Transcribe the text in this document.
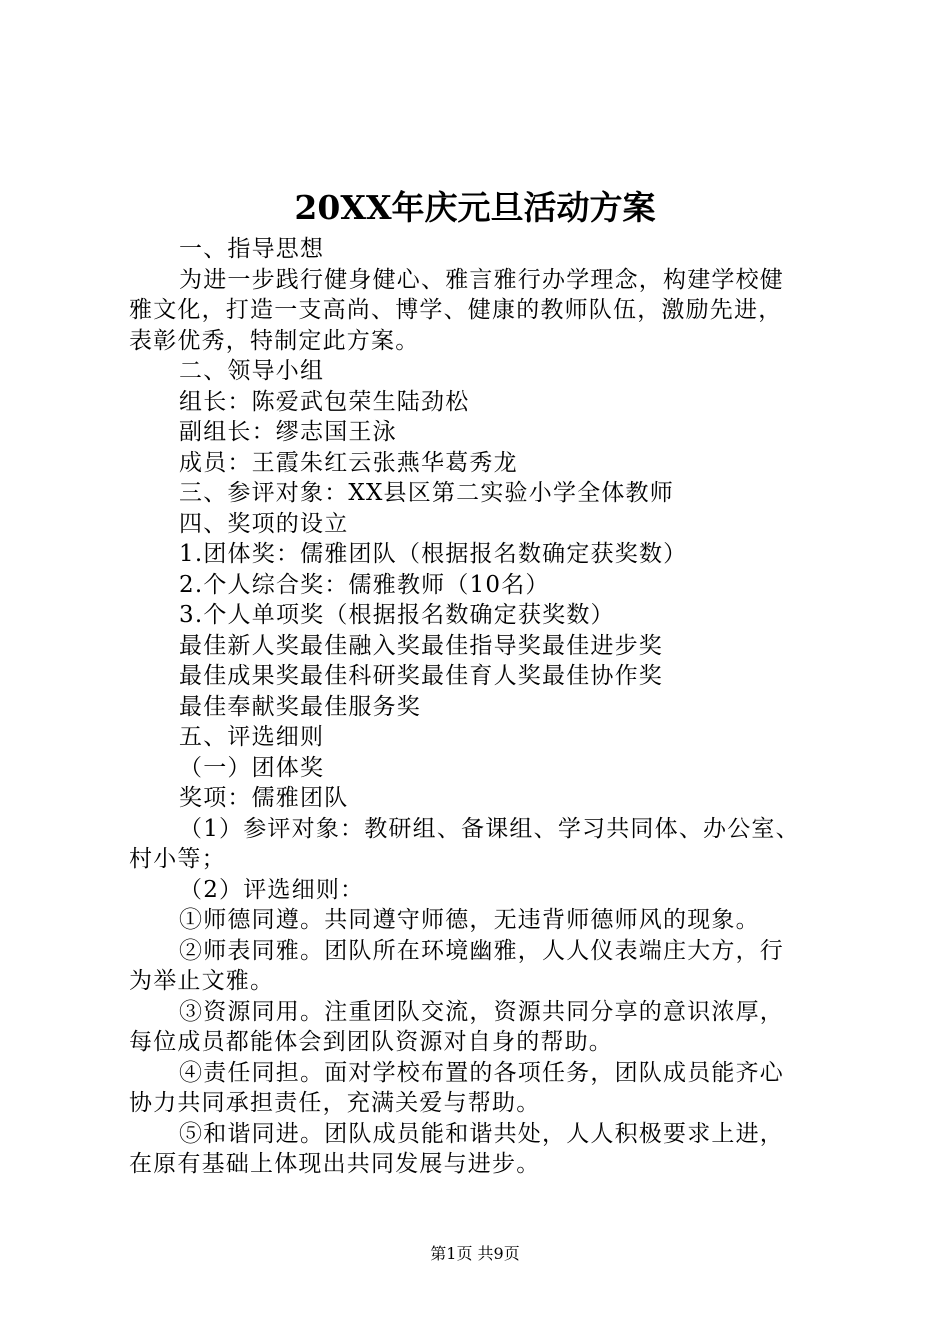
20XX年庆元旦活动方案
一、指导思想
为进一步践行健身健心、雅言雅行办学理念，构建学校健
雅文化，打造一支高尚、博学、健康的教师队伍，激励先进，
表彰优秀，特制定此方案。
二、领导小组
组长：陈爱武包荣生陆劲松
副组长：缪志国王泳
成员：王霞朱红云张燕华葛秀龙
三、参评对象：XX县区第二实验小学全体教师
四、奖项的设立
1.团体奖：儒雅团队（根据报名数确定获奖数）
2.个人综合奖：儒雅教师（10名）
3.个人单项奖（根据报名数确定获奖数）
最佳新人奖最佳融入奖最佳指导奖最佳进步奖
最佳成果奖最佳科研奖最佳育人奖最佳协作奖
最佳奉献奖最佳服务奖
五、评选细则
（一）团体奖
奖项：儒雅团队
（1）参评对象：教研组、备课组、学习共同体、办公室、
村小等；
（2）评选细则：
①师德同遵。共同遵守师德，无违背师德师风的现象。
②师表同雅。团队所在环境幽雅，人人仪表端庄大方，行
为举止文雅。
③资源同用。注重团队交流，资源共同分享的意识浓厚，
每位成员都能体会到团队资源对自身的帮助。
④责任同担。面对学校布置的各项任务，团队成员能齐心
协力共同承担责任，充满关爱与帮助。
⑤和谐同进。团队成员能和谐共处，人人积极要求上进，
在原有基础上体现出共同发展与进步。
第1页 共9页
